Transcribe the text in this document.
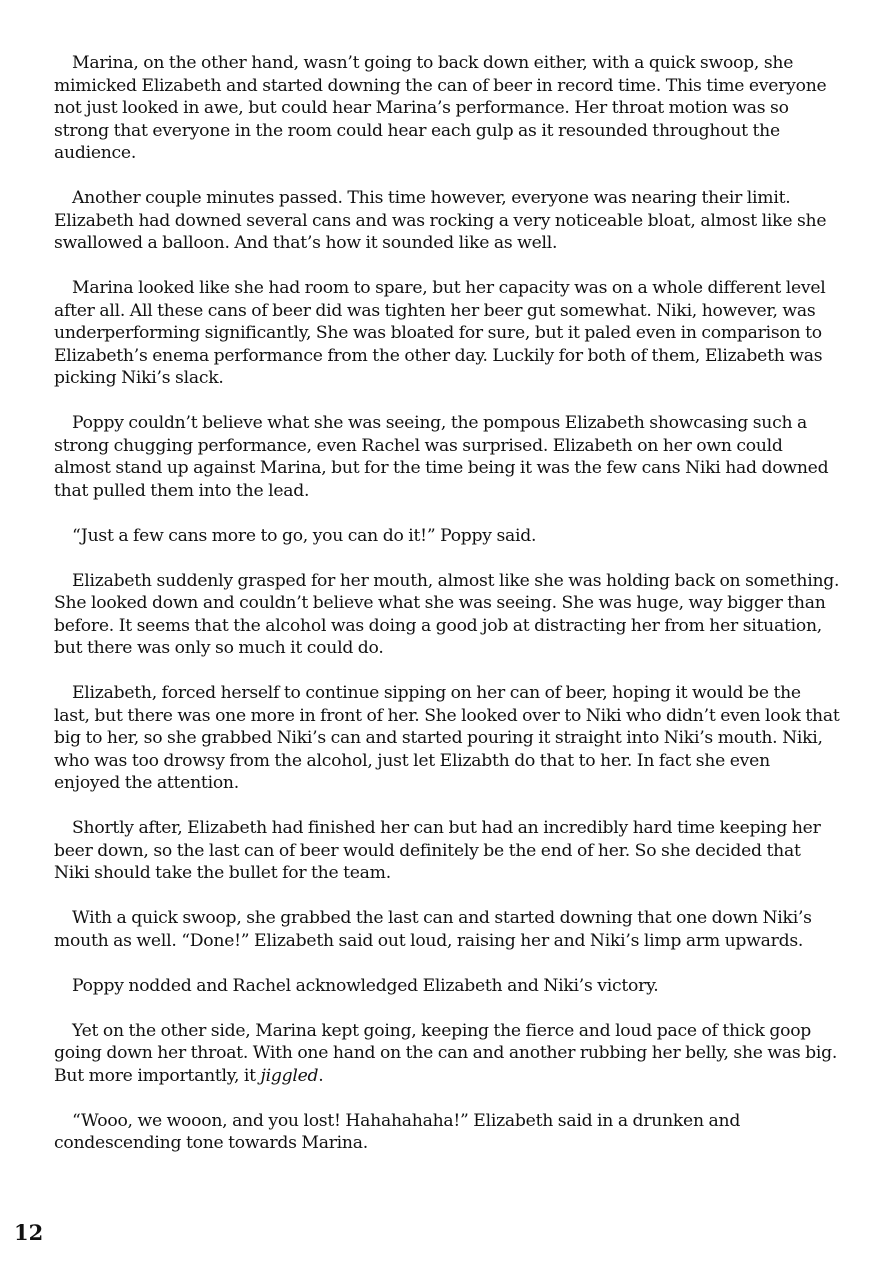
Marina, on the other hand, wasn’t going to back down either, with a quick swoop, she mimicked Elizabeth and started downing the can of beer in record time. This time everyone not just looked in awe, but could hear Marina’s performance. Her throat motion was so strong that everyone in the room could hear each gulp as it resounded throughout the audience.

Another couple minutes passed. This time however, everyone was nearing their limit. Elizabeth had downed several cans and was rocking a very noticeable bloat, almost like she swallowed a balloon. And that’s how it sounded like as well.

Marina looked like she had room to spare, but her capacity was on a whole different level after all. All these cans of beer did was tighten her beer gut somewhat. Niki, however, was underperforming significantly, She was bloated for sure, but it paled even in comparison to Elizabeth’s enema performance from the other day. Luckily for both of them, Elizabeth was picking Niki’s slack.

Poppy couldn’t believe what she was seeing, the pompous Elizabeth showcasing such a strong chugging performance, even Rachel was surprised. Elizabeth on her own could almost stand up against Marina, but for the time being it was the few cans Niki had downed that pulled them into the lead.

“Just a few cans more to go, you can do it!” Poppy said.

Elizabeth suddenly grasped for her mouth, almost like she was holding back on something. She looked down and couldn’t believe what she was seeing. She was huge, way bigger than before. It seems that the alcohol was doing a good job at distracting her from her situation, but there was only so much it could do.

Elizabeth, forced herself to continue sipping on her can of beer, hoping it would be the last, but there was one more in front of her. She looked over to Niki who didn’t even look that big to her, so she grabbed Niki’s can and started pouring it straight into Niki’s mouth. Niki, who was too drowsy from the alcohol, just let Elizabth do that to her. In fact she even enjoyed the attention.

Shortly after, Elizabeth had finished her can but had an incredibly hard time keeping her beer down, so the last can of beer would definitely be the end of her. So she decided that Niki should take the bullet for the team.

With a quick swoop, she grabbed the last can and started downing that one down Niki’s mouth as well. “Done!” Elizabeth said out loud, raising her and Niki’s limp arm upwards.

Poppy nodded and Rachel acknowledged Elizabeth and Niki’s victory.

Yet on the other side, Marina kept going, keeping the fierce and loud pace of thick goop going down her throat. With one hand on the can and another rubbing her belly, she was big. But more importantly, it jiggled.

“Wooo, we wooon, and you lost! Hahahahaha!” Elizabeth said in a drunken and condescending tone towards Marina.

12
